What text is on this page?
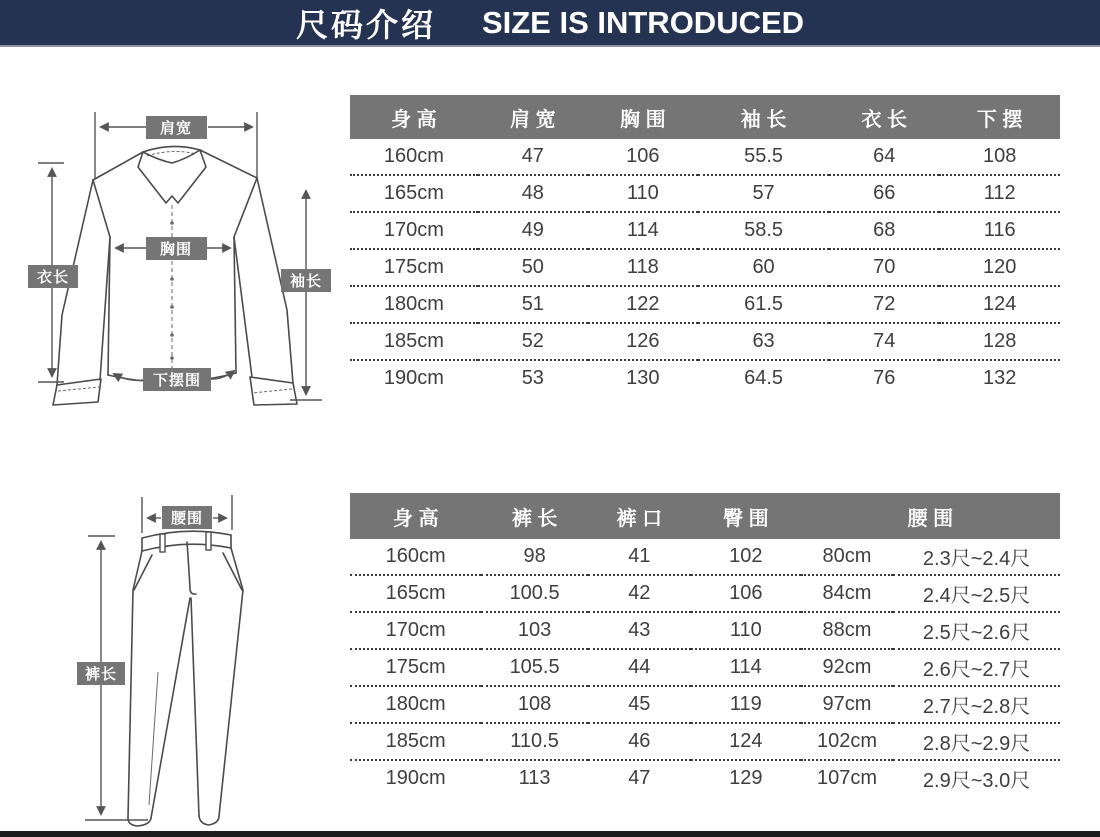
尺码介绍 SIZE IS INTRODUCED
肩宽
胸围
衣长	袖长
下摆围
身 高	肩 宽	胸 围	袖 长	衣 长	下 摆
160cm	47	106	55.5	64	108
165cm	48	110	57	66	112
170cm	49	114	58.5	68	116
175cm	50	118	60	70	120
180cm	51	122	61.5	72	124
185cm	52	126	63	74	128
190cm	53	130	64.5	76	132
腰围
裤长
身 高	裤 长	裤 口	臀 围	腰 围	
160cm	98	41	102	80cm	2.3尺~2.4尺
165cm	100.5	42	106	84cm	2.4尺~2.5尺
170cm	103	43	110	88cm	2.5尺~2.6尺
175cm	105.5	44	114	92cm	2.6尺~2.7尺
180cm	108	45	119	97cm	2.7尺~2.8尺
185cm	110.5	46	124	102cm	2.8尺~2.9尺
190cm	113	47	129	107cm	2.9尺~3.0尺
